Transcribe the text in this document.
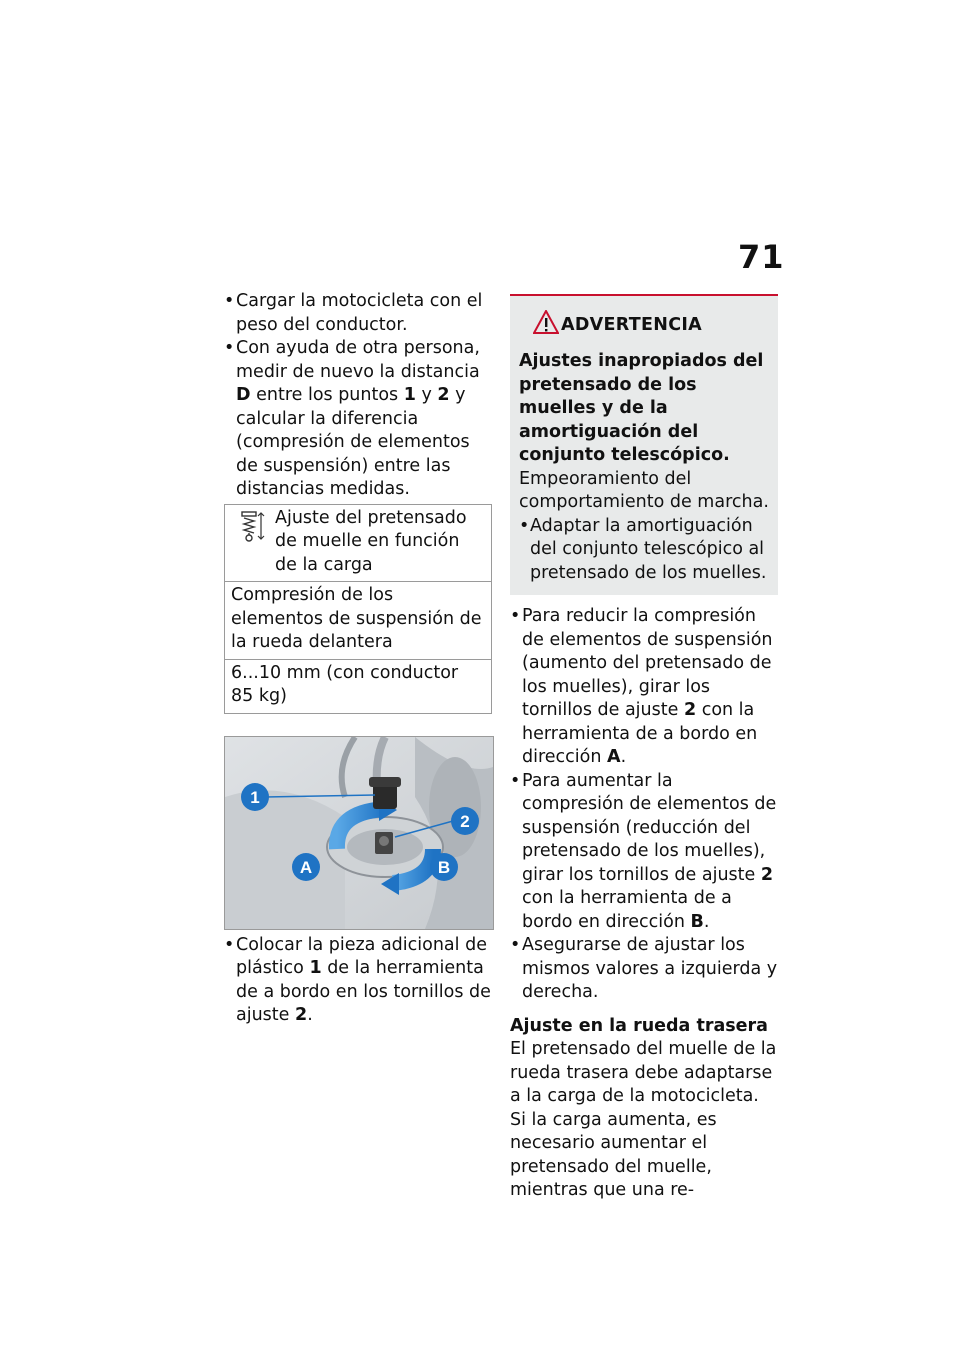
71

• Cargar la motocicleta con el peso del conductor.

• Con ayuda de otra persona, medir de nuevo la distancia D entre los puntos 1 y 2 y calcular la diferencia (compresión de elementos de suspensión) entre las distancias medidas.

Ajuste del pretensado de muelle en función de la carga
Compresión de los elementos de suspensión de la rueda delantera
6...10 mm (con conductor 85 kg)
1
2
A	B

• Colocar la pieza adicional de plástico 1 de la herramienta de a bordo en los tornillos de ajuste 2.

ADVERTENCIA
Ajustes inapropiados del pretensado de los muelles y de la amortiguación del conjunto telescópico.
Empeoramiento del comportamiento de marcha.
• Adaptar la amortiguación del conjunto telescópico al pretensado de los muelles.

• Para reducir la compresión de elementos de suspensión (aumento del pretensado de los muelles), girar los tornillos de ajuste 2 con la herramienta de a bordo en dirección A.

• Para aumentar la compresión de elementos de suspensión (reducción del pretensado de los muelles), girar los tornillos de ajuste 2 con la herramienta de a bordo en dirección B.

• Asegurarse de ajustar los mismos valores a izquierda y derecha.

Ajuste en la rueda trasera
El pretensado del muelle de la rueda trasera debe adaptarse a la carga de la motocicleta. Si la carga aumenta, es necesario aumentar el pretensado del muelle, mientras que una re-
